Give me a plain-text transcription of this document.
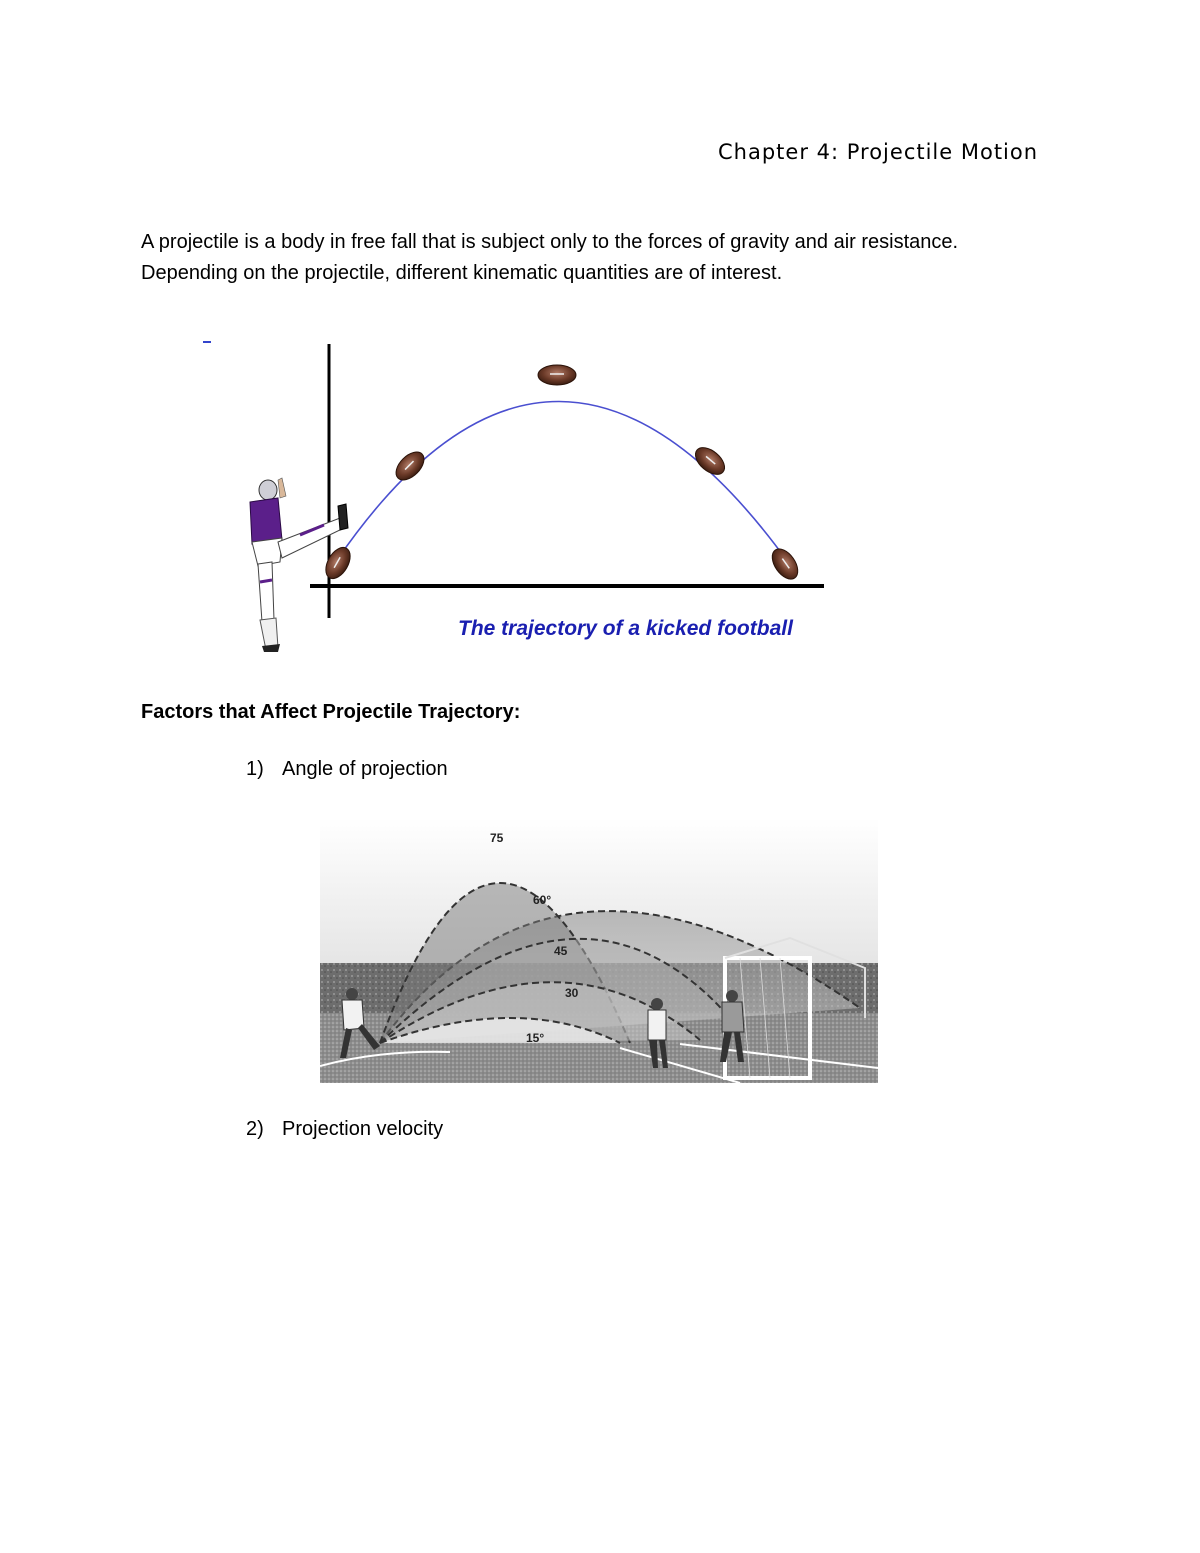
Chapter 4: Projectile Motion

A projectile is a body in free fall that is subject only to the forces of gravity and air resistance.

Depending on the projectile, different kinematic quantities are of interest.

The trajectory of a kicked football
Factors that Affect Projectile Trajectory:
1) Angle of projection
75
60°
45
30
15°
2) Projection velocity
